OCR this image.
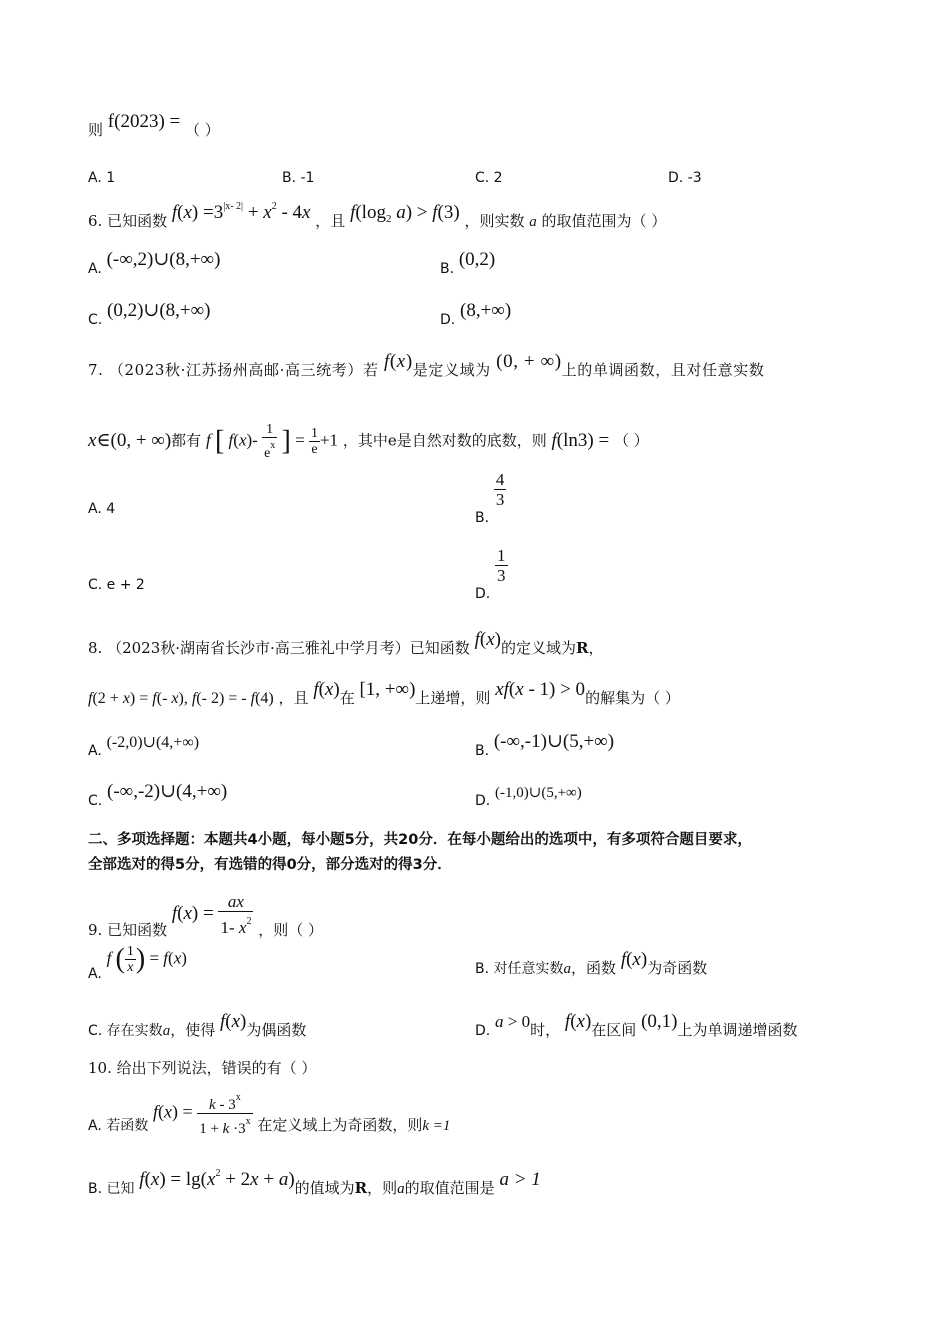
则 f(2023) = （ ）
A. 1	B. -1	C. 2	D. -3
6. 已知函数 $f(x) =3^{|x- 2|} + x^2 - 4x$ ，且 $f(\log_2$ a) > f(3) ，则实数 a 的取值范围为（ ）
A. (-∞,2)∪(8,+∞)	B. (0,2)
C. (0,2)∪(8,+∞)	D. (8,+∞)
7. （2023秋·江苏扬州高邮·高三统考）若 f(x)是定义域为 (0, + ∞)上的单调函数，且对任意实数
x∈(0, + ∞)都有 f [ $f(x)- \frac{1}{e^x}$ ] = $\frac{1}{e} +1$ ，其中e是自然对数的底数，则 f(ln3) = （ ）
A. 4
B.
$\frac{4}{3}$
C. e + 2
D.
$\frac{1}{3}$
8. （2023秋·湖南省长沙市·高三雅礼中学月考）已知函数 f(x)的定义域为R，
f(2 + x) = f(- x), f(- 2) = - f(4) ，且 f(x)在 [1, +∞)上递增，则 xf(x - 1) > 0的解集为（ ）
A. (-2,0)∪(4,+∞)	B. (-∞,-1)∪(5,+∞)
C. (-∞,-2)∪(4,+∞)	D. (-1,0)∪(5,+∞)
二、多项选择题：本题共4小题，每小题5分，共20分．在每小题给出的选项中，有多项符合题目要求，
全部选对的得5分，有选错的得0分，部分选对的得3分．
9. 已知函数 $f(x) = \frac{ax}{1- x^2}$ ，则（ ）
A. f ( $\frac{1}{x}$ ) = f(x)
B. 对任意实数a，函数 f(x)为奇函数
C. 存在实数a，使得 f(x)为偶函数	D. a > 0时， f(x)在区间 (0,1)上为单调递增函数
10. 给出下列说法，错误的有（ ）
A. 若函数 $f(x) = \frac{k - 3^x}{1 + k \cdot 3^x}$ 在定义域上为奇函数，则k =1
B. 已知 $f(x) = \lg(x^2 + 2x + a)$的值域为R，则a的取值范围是 a > 1
